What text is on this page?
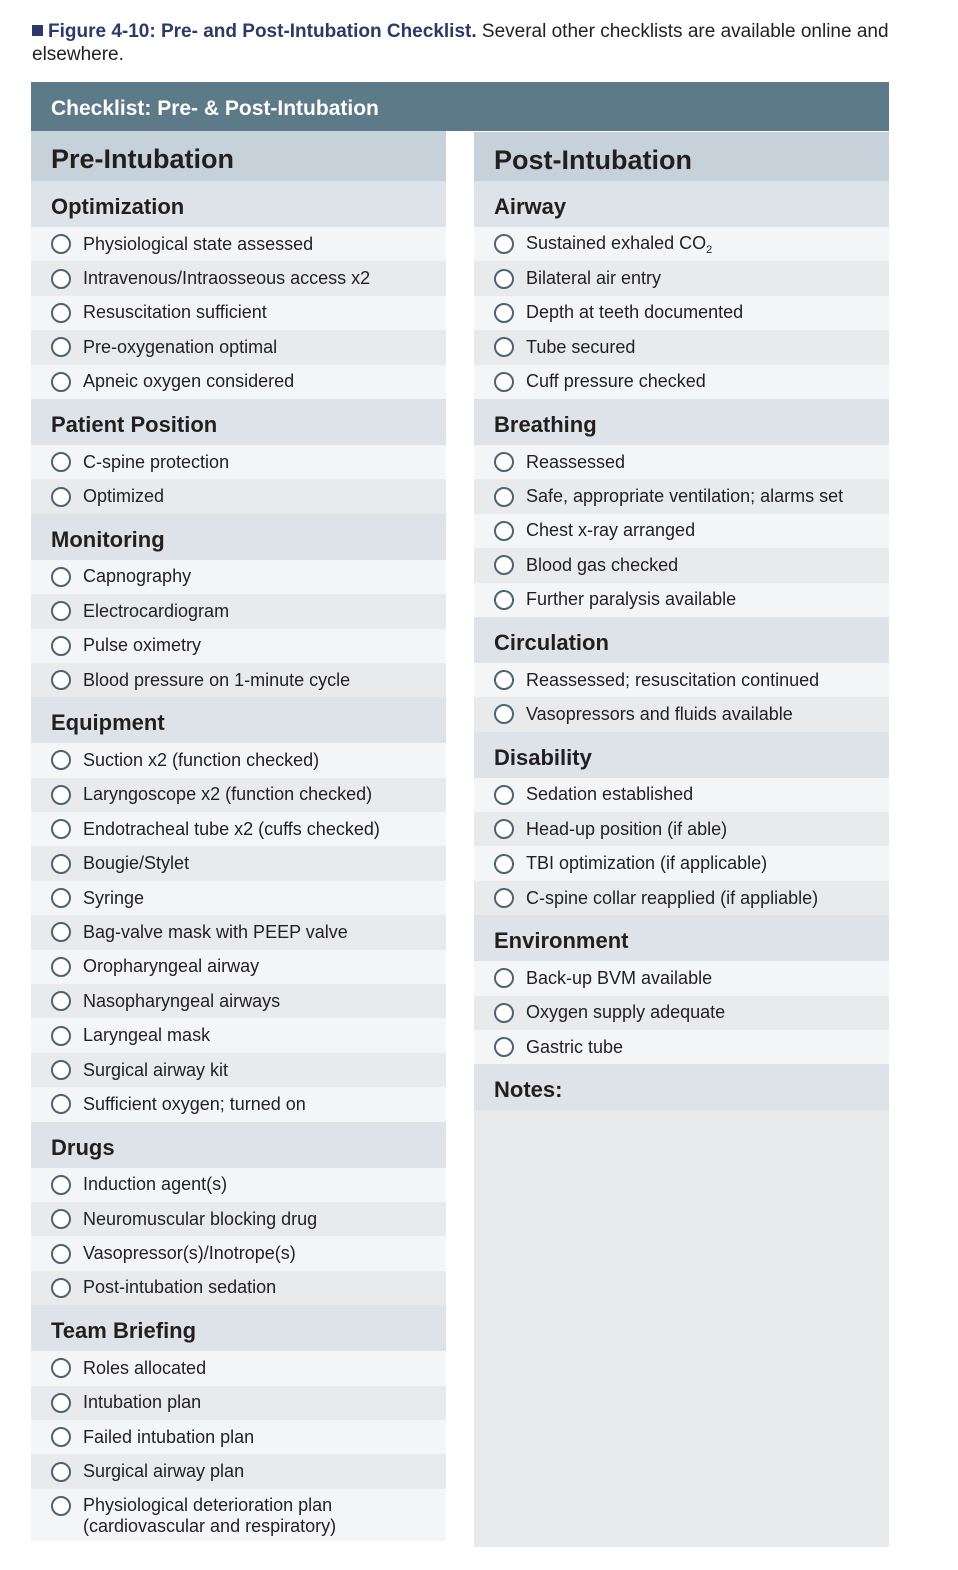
Figure 4-10: Pre- and Post-Intubation Checklist. Several other checklists are available online and elsewhere.
Checklist: Pre- & Post-Intubation
Pre-Intubation
Optimization
Physiological state assessed
Intravenous/Intraosseous access x2
Resuscitation sufficient
Pre-oxygenation optimal
Apneic oxygen considered
Patient Position
C-spine protection
Optimized
Monitoring
Capnography
Electrocardiogram
Pulse oximetry
Blood pressure on 1-minute cycle
Equipment
Suction x2 (function checked)
Laryngoscope x2 (function checked)
Endotracheal tube x2 (cuffs checked)
Bougie/Stylet
Syringe
Bag-valve mask with PEEP valve
Oropharyngeal airway
Nasopharyngeal airways
Laryngeal mask
Surgical airway kit
Sufficient oxygen; turned on
Drugs
Induction agent(s)
Neuromuscular blocking drug
Vasopressor(s)/Inotrope(s)
Post-intubation sedation
Team Briefing
Roles allocated
Intubation plan
Failed intubation plan
Surgical airway plan
Physiological deterioration plan
(cardiovascular and respiratory)
Post-Intubation
Airway
Sustained exhaled $CO_2$
Bilateral air entry
Depth at teeth documented
Tube secured
Cuff pressure checked
Breathing
Reassessed
Safe, appropriate ventilation; alarms set
Chest x-ray arranged
Blood gas checked
Further paralysis available
Circulation
Reassessed; resuscitation continued
Vasopressors and fluids available
Disability
Sedation established
Head-up position (if able)
TBI optimization (if applicable)
C-spine collar reapplied (if appliable)
Environment
Back-up BVM available
Oxygen supply adequate
Gastric tube
Notes:
